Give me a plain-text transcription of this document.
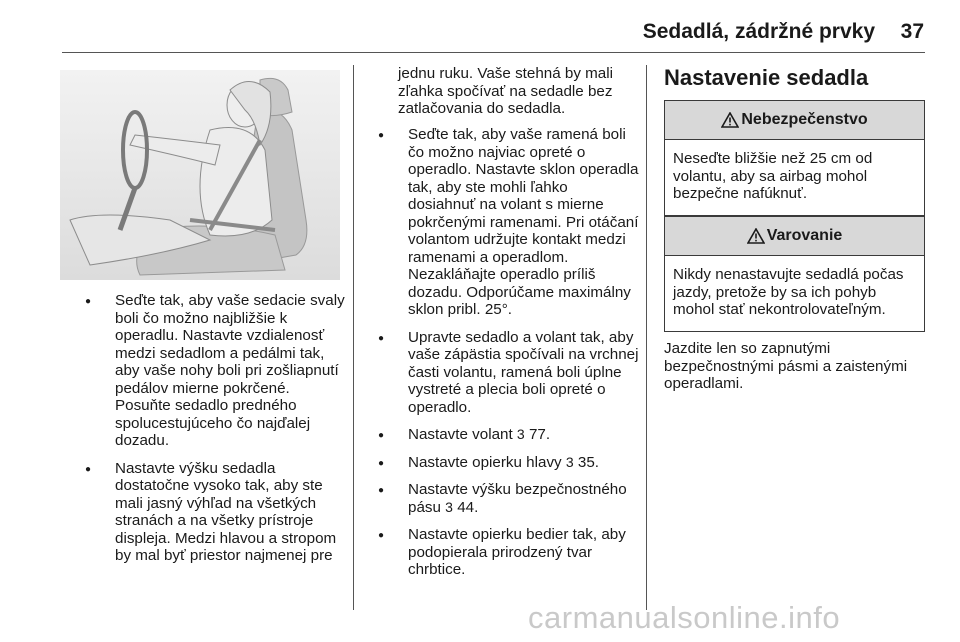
Sedadlá, zádržné prvky 37
● Seďte tak, aby vaše sedacie svaly boli čo možno najbližšie k operadlu. Nastavte vzdialenosť medzi sedadlom a pedálmi tak, aby vaše nohy boli pri zošliapnutí pedálov mierne pokrčené. Posuňte sedadlo predného spolucestujúceho čo najďalej dozadu.
● Nastavte výšku sedadla dostatočne vysoko tak, aby ste mali jasný výhľad na všetkých stranách a na všetky prístroje displeja. Medzi hlavou a stropom by mal byť priestor najmenej pre
jednu ruku. Vaše stehná by mali zľahka spočívať na sedadle bez zatlačovania do sedadla.
● Seďte tak, aby vaše ramená boli čo možno najviac opreté o operadlo. Nastavte sklon operadla tak, aby ste mohli ľahko dosiahnuť na volant s mierne pokrčenými ramenami. Pri otáčaní volantom udržujte kontakt medzi ramenami a operadlom. Nezakláňajte operadlo príliš dozadu. Odporúčame maximálny sklon pribl. 25°.
● Upravte sedadlo a volant tak, aby vaše zápästia spočívali na vrchnej časti volantu, ramená boli úplne vystreté a plecia boli opreté o operadlo.
● Nastavte volant 3 77.
● Nastavte opierku hlavy 3 35.
● Nastavte výšku bezpečnostného pásu 3 44.
● Nastavte opierku bedier tak, aby podopierala prirodzený tvar chrbtice.
Nastavenie sedadla
Nebezpečenstvo
Neseďte bližšie než 25 cm od volantu, aby sa airbag mohol bezpečne nafúknuť.
Varovanie
Nikdy nenastavujte sedadlá počas jazdy, pretože by sa ich pohyb mohol stať nekontrolovateľným.

Jazdite len so zapnutými bezpečnostnými pásmi a zaistenými operadlami.

carmanualsonline.info
